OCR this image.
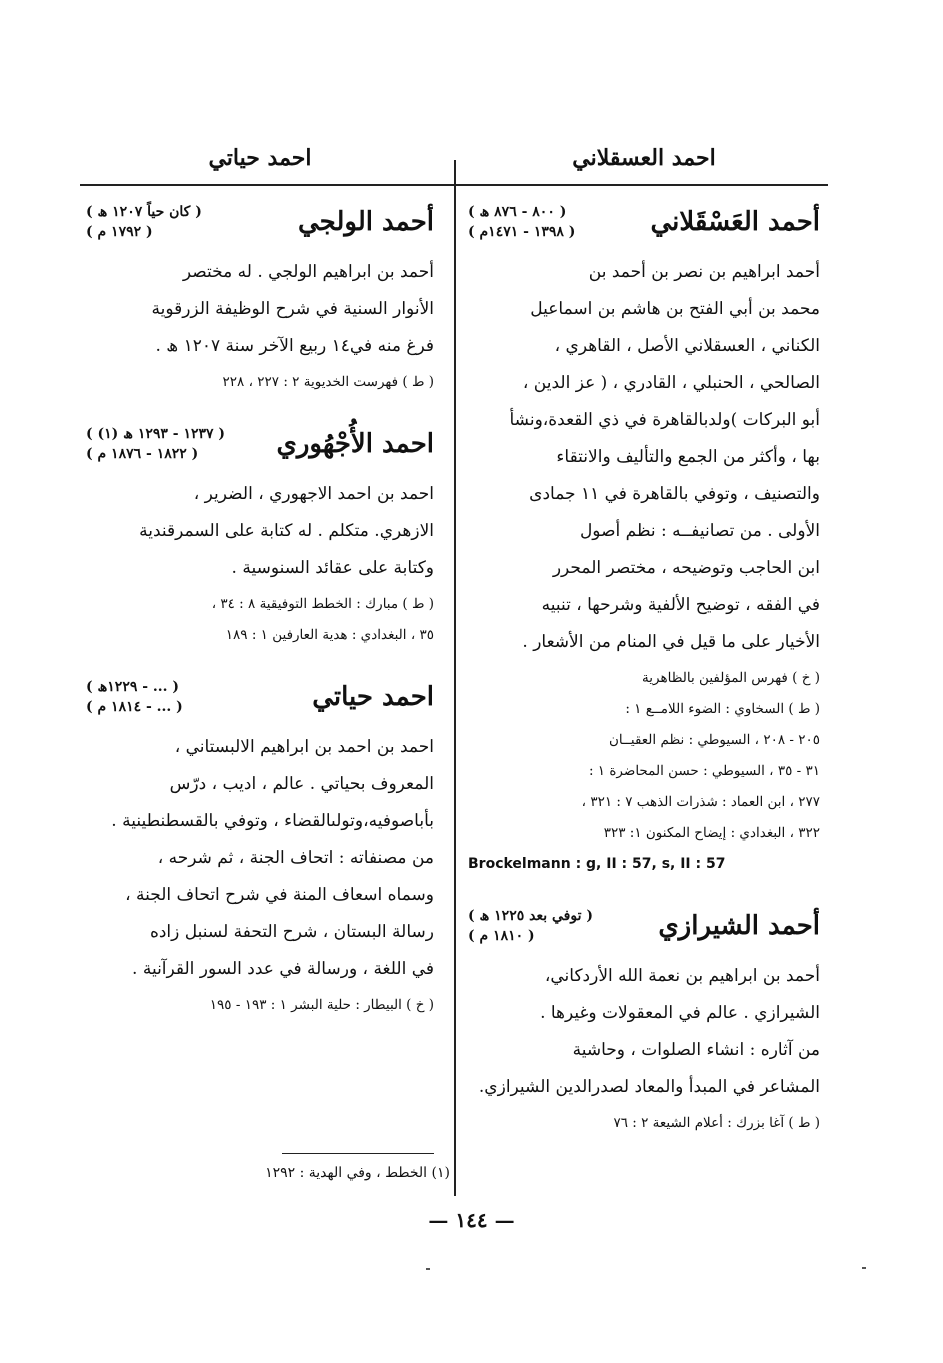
احمد العسقلاني
أحمد العَسْقَلاني
( ٨٠٠ - ٨٧٦ ھ )
( ١٣٩٨ - ١٤٧١م )
أحمد ابراهيم بن نصر بن أحمد بن
محمد بن أبي الفتح بن هاشم بن اسماعيل
الكناني ، العسقلاني الأصل ، القاهري ،
الصالحي ، الحنبلي ، القادري ، ( عز الدين ،
أبو البركات )ولدبالقاهرة في ذي القعدة،ونشأ
بها ، وأكثر من الجمع والتأليف والانتقاء
والتصنيف ، وتوفي بالقاهرة في ١١ جمادى
الأولى . من تصانيفــه : نظم أصول
ابن الحاجب وتوضيحه ، مختصر المحرر
في الفقه ، توضيح الألفية وشرحها ، تنبيه
الأخيار على ما قيل في المنام من الأشعار .
( خ ) فهرس المؤلفين بالظاهرية
( ط ) السخاوي : الضوء اللامــع ١ :
٢٠٥ - ٢٠٨ ، السيوطي : نظم العقيــان
٣١ - ٣٥ ، السيوطي : حسن المحاضرة ١ :
٢٧٧ ، ابن العماد : شذرات الذهب ٧ : ٣٢١ ،
٣٢٢ ، البغدادي : إيضاح المكنون ١: ٣٢٣
Brockelmann : g, II : 57, s, II : 57
أحمد الشيرازي
( توفي بعد ١٢٢٥ ھ )
( ١٨١٠ م )
أحمد بن ابراهيم بن نعمة الله الأردكاني،
الشيرازي . عالم في المعقولات وغيرها .
من آثاره : انشاء الصلوات ، وحاشية
المشاعر في المبدأ والمعاد لصدرالدين الشيرازي.
( ط ) آغا بزرك : أعلام الشيعة ٢ : ٧٦
احمد حياتي
أحمد الولجي
( كان حياً ١٢٠٧ ھ )
( ١٧٩٢ م )
أحمد بن ابراهيم الولجي . له مختصر
الأنوار السنية في شرح الوظيفة الزرقوية
فرغ منه في١٤ ربيع الآخر سنة ١٢٠٧ ھ .
( ط ) فهرست الخديوية ٢ : ٢٢٧ ، ٢٢٨
احمد الأُجْهُوري
( ١٢٣٧ - ١٢٩٣ ھ (١) )
( ١٨٢٢ - ١٨٧٦ م )
احمد بن احمد الاجهوري ، الضرير ،
الازهري. متكلم . له كتابة على السمرقندية
وكتابة على عقائد السنوسية .
( ط ) مبارك : الخطط التوفيقية ٨ : ٣٤ ،
٣٥ ، البغدادي : هدية العارفين ١ : ١٨٩
احمد حياتي
( ... - ١٢٢٩ھ )
( ... - ١٨١٤ م )
احمد بن احمد بن ابراهيم الالبستاني ،
المعروف بحياتي . عالم ، اديب ، درّس
بأباصوفيه،وتولىالقضاء ، وتوفي بالقسطنطينية .
من مصنفاته : اتحاف الجنة ، ثم شرحه ،
وسماه اسعاف المنة في شرح اتحاف الجنة ،
رسالة البستان ، شرح التحفة لسنبل زاده
في اللغة ، ورسالة في عدد السور القرآنية .
( خ ) البيطار : حلية البشر ١ : ١٩٣ - ١٩٥
(١) الخطط ، وفي الهدية : ١٢٩٢
— ١٤٤ —
